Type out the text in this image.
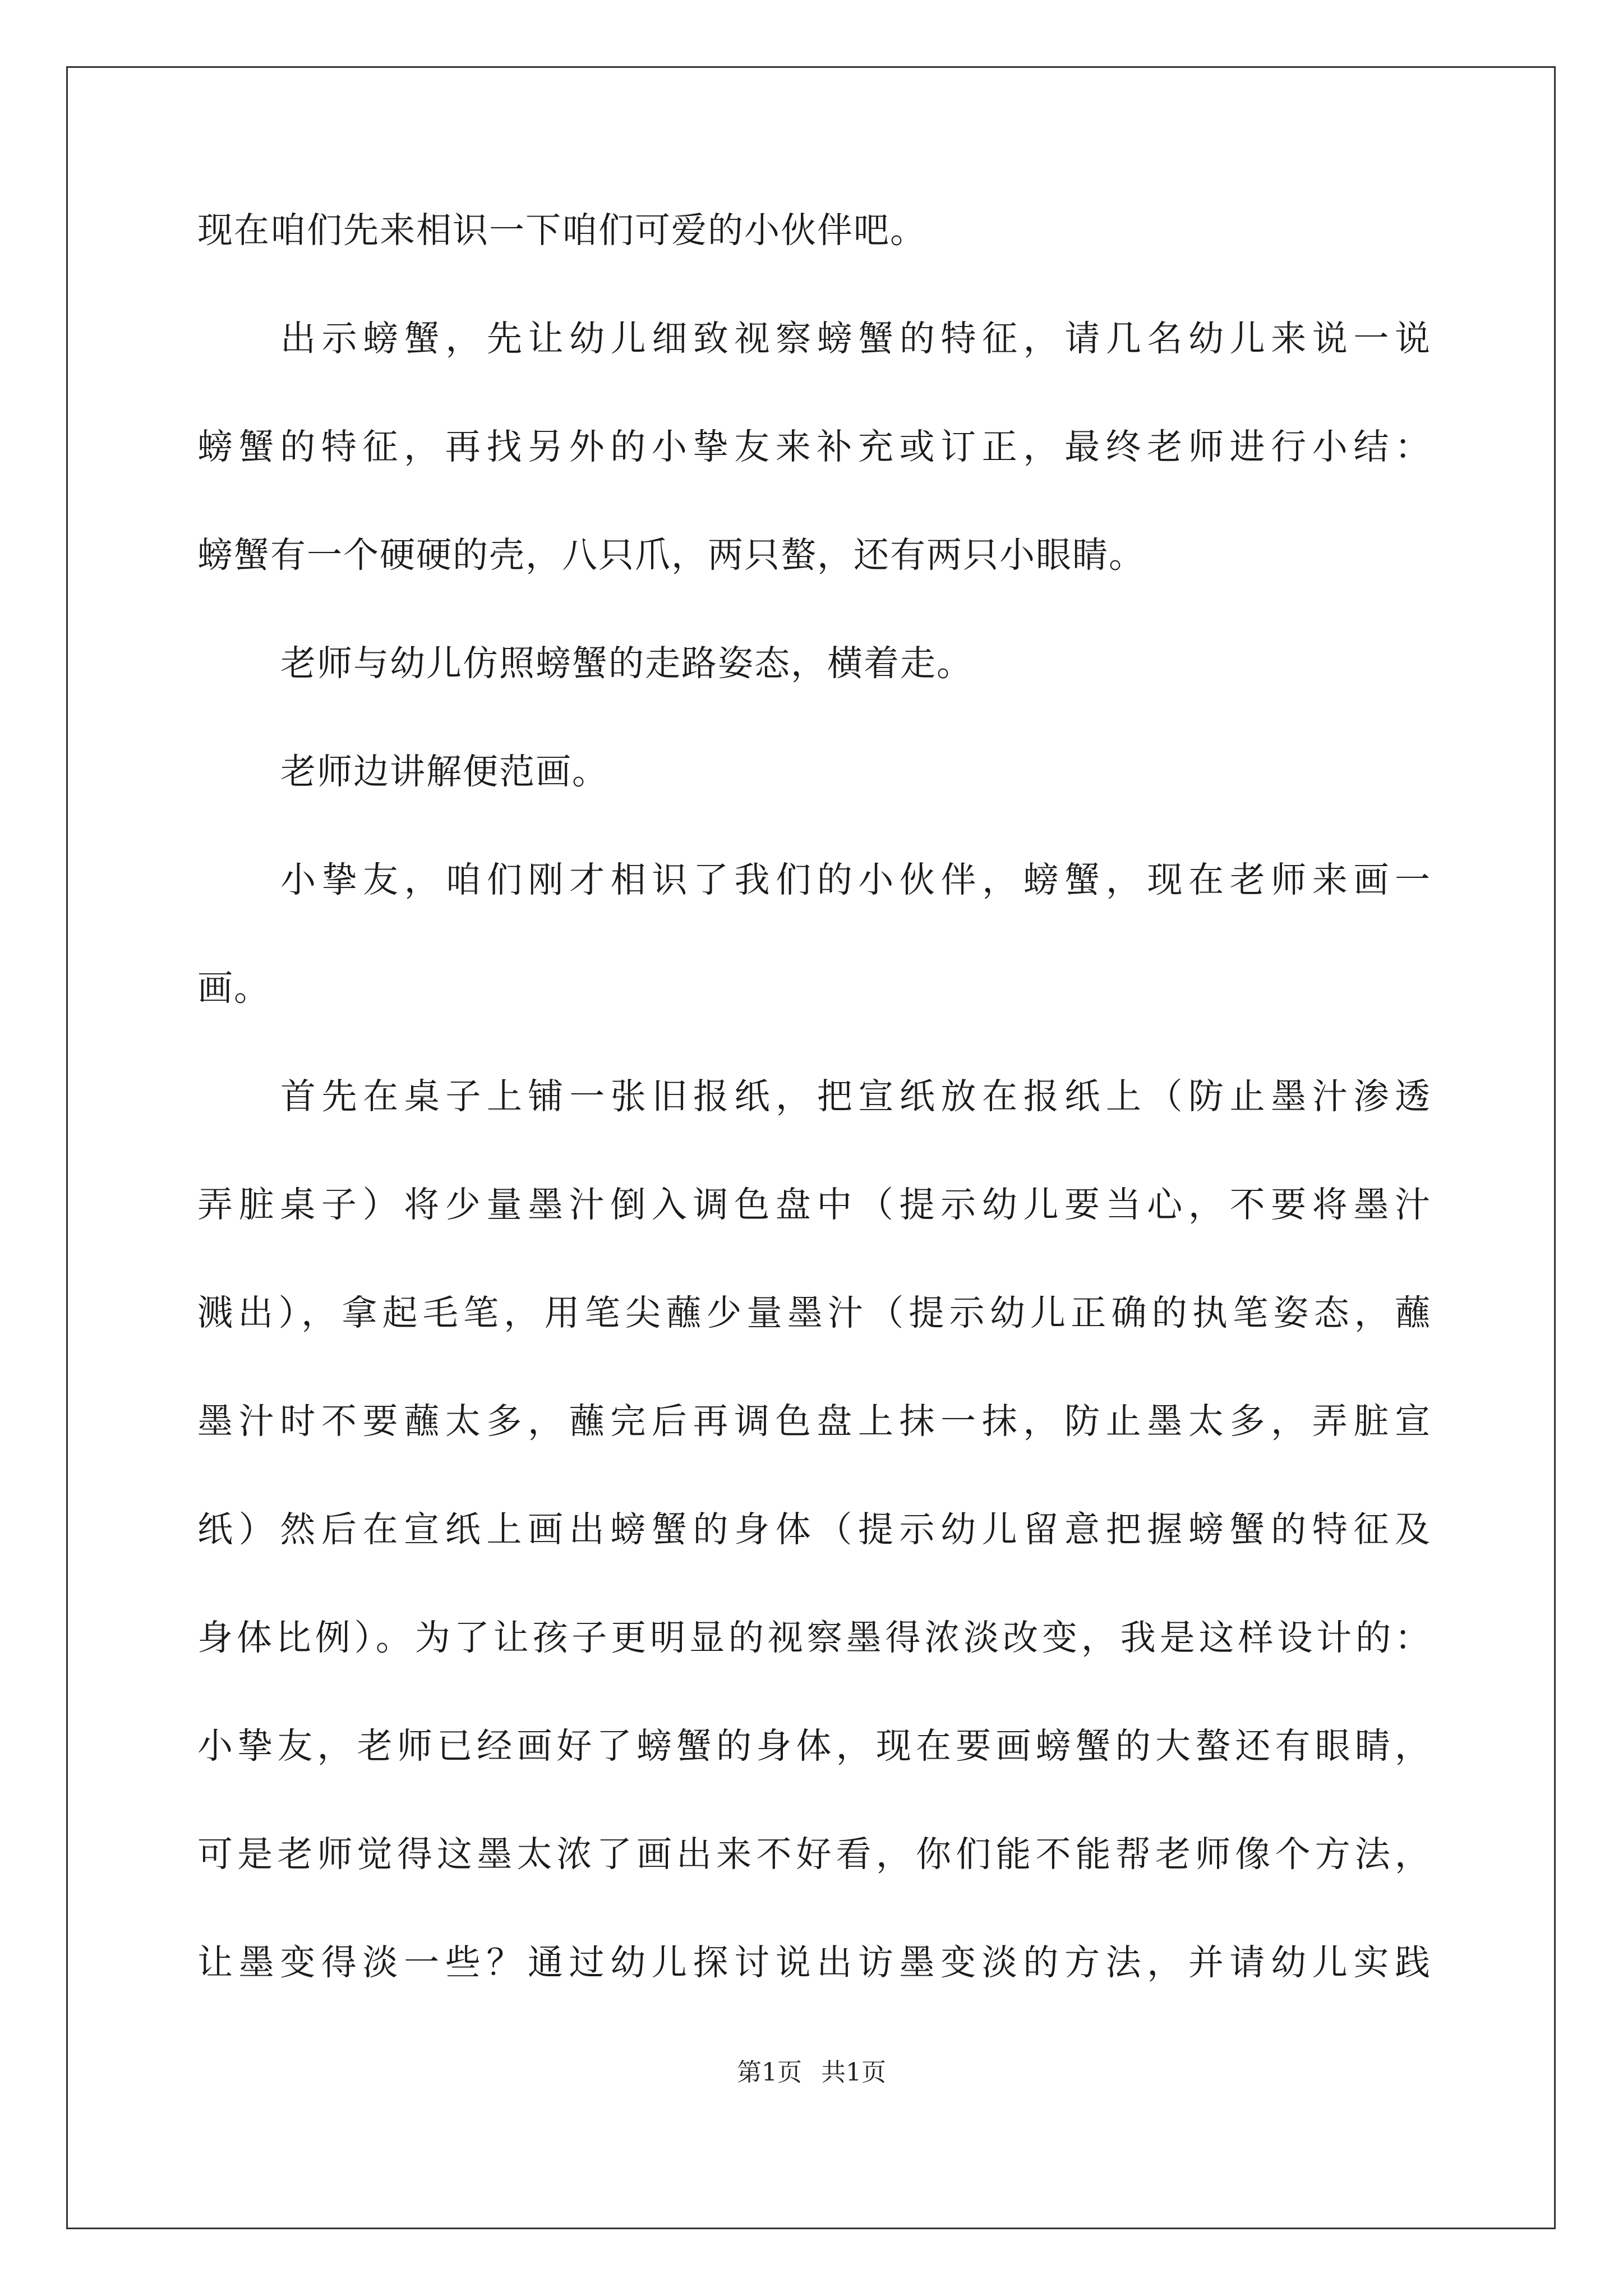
现在咱们先来相识一下咱们可爱的小伙伴吧。
出示螃蟹，先让幼儿细致视察螃蟹的特征，请几名幼儿来说一说
螃蟹的特征，再找另外的小挚友来补充或订正，最终老师进行小结：
螃蟹有一个硬硬的壳，八只爪，两只螯，还有两只小眼睛。
老师与幼儿仿照螃蟹的走路姿态，横着走。
老师边讲解便范画。
小挚友，咱们刚才相识了我们的小伙伴，螃蟹，现在老师来画一
画。
首先在桌子上铺一张旧报纸，把宣纸放在报纸上（防止墨汁渗透
弄脏桌子）将少量墨汁倒入调色盘中（提示幼儿要当心，不要将墨汁
溅出），拿起毛笔，用笔尖蘸少量墨汁（提示幼儿正确的执笔姿态，蘸
墨汁时不要蘸太多，蘸完后再调色盘上抹一抹，防止墨太多，弄脏宣
纸）然后在宣纸上画出螃蟹的身体（提示幼儿留意把握螃蟹的特征及
身体比例）。为了让孩子更明显的视察墨得浓淡改变，我是这样设计的：
小挚友，老师已经画好了螃蟹的身体，现在要画螃蟹的大螯还有眼睛，
可是老师觉得这墨太浓了画出来不好看，你们能不能帮老师像个方法，
让墨变得淡一些？通过幼儿探讨说出访墨变淡的方法，并请幼儿实践
第1页 共1页
